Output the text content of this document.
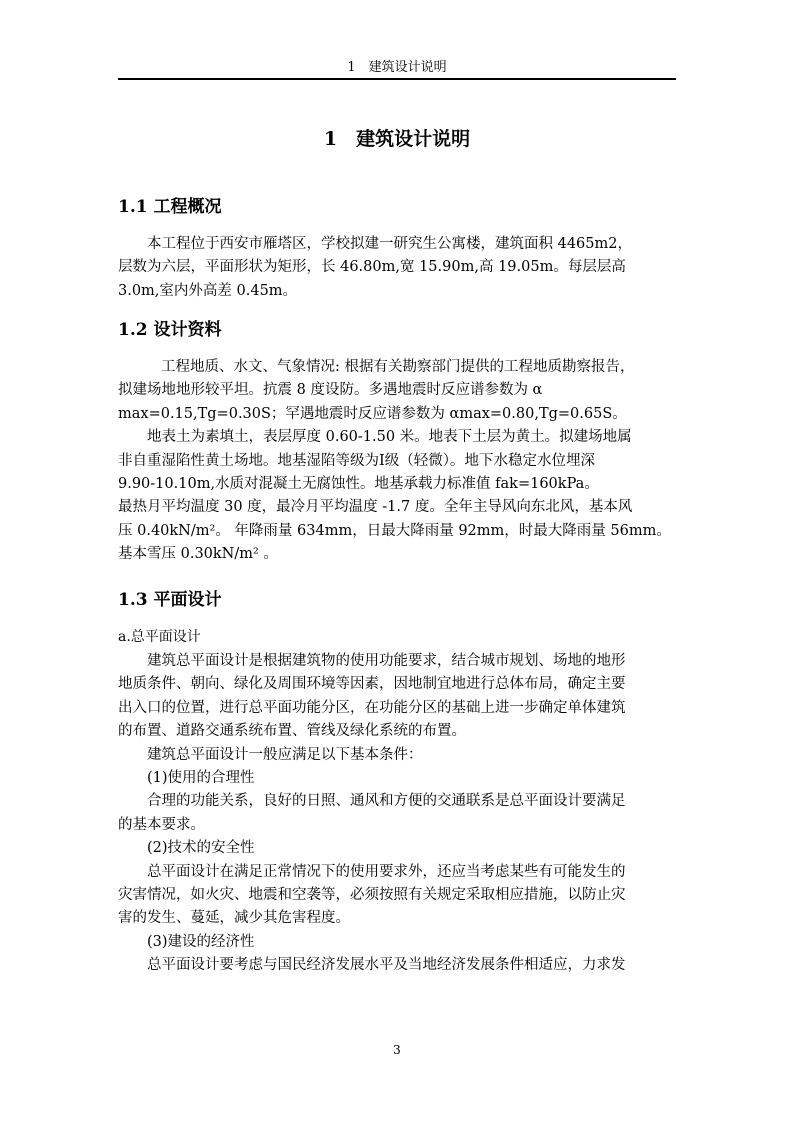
1　建筑设计说明
1　建筑设计说明
1.1 工程概况
本工程位于西安市雁塔区，学校拟建一研究生公寓楼，建筑面积 4465m2，
层数为六层，平面形状为矩形，长 46.80m,宽 15.90m,高 19.05m。每层层高
3.0m,室内外高差 0.45m。
1.2 设计资料
工程地质、水文、气象情况: 根据有关勘察部门提供的工程地质勘察报告，
拟建场地地形较平坦。抗震 8 度设防。多遇地震时反应谱参数为 α
max=0.15,Tg=0.30S；罕遇地震时反应谱参数为 αmax=0.80,Tg=0.65S。
地表土为素填土，表层厚度 0.60-1.50 米。地表下土层为黄土。拟建场地属
非自重湿陷性黄土场地。地基湿陷等级为Ⅰ级（轻微）。地下水稳定水位埋深
9.90-10.10m,水质对混凝土无腐蚀性。地基承载力标准值 fak=160kPa。
最热月平均温度 30 度，最冷月平均温度 -1.7 度。全年主导风向东北风，基本风
压 0.40kN/m²。 年降雨量 634mm，日最大降雨量 92mm，时最大降雨量 56mm。
基本雪压 0.30kN/m² 。
1.3 平面设计
a.总平面设计
建筑总平面设计是根据建筑物的使用功能要求，结合城市规划、场地的地形
地质条件、朝向、绿化及周围环境等因素，因地制宜地进行总体布局，确定主要
出入口的位置，进行总平面功能分区，在功能分区的基础上进一步确定单体建筑
的布置、道路交通系统布置、管线及绿化系统的布置。
建筑总平面设计一般应满足以下基本条件：
(1)使用的合理性
合理的功能关系，良好的日照、通风和方便的交通联系是总平面设计要满足
的基本要求。
(2)技术的安全性
总平面设计在满足正常情况下的使用要求外，还应当考虑某些有可能发生的
灾害情况，如火灾、地震和空袭等，必须按照有关规定采取相应措施，以防止灾
害的发生、蔓延，减少其危害程度。
(3)建设的经济性
总平面设计要考虑与国民经济发展水平及当地经济发展条件相适应，力求发
3
